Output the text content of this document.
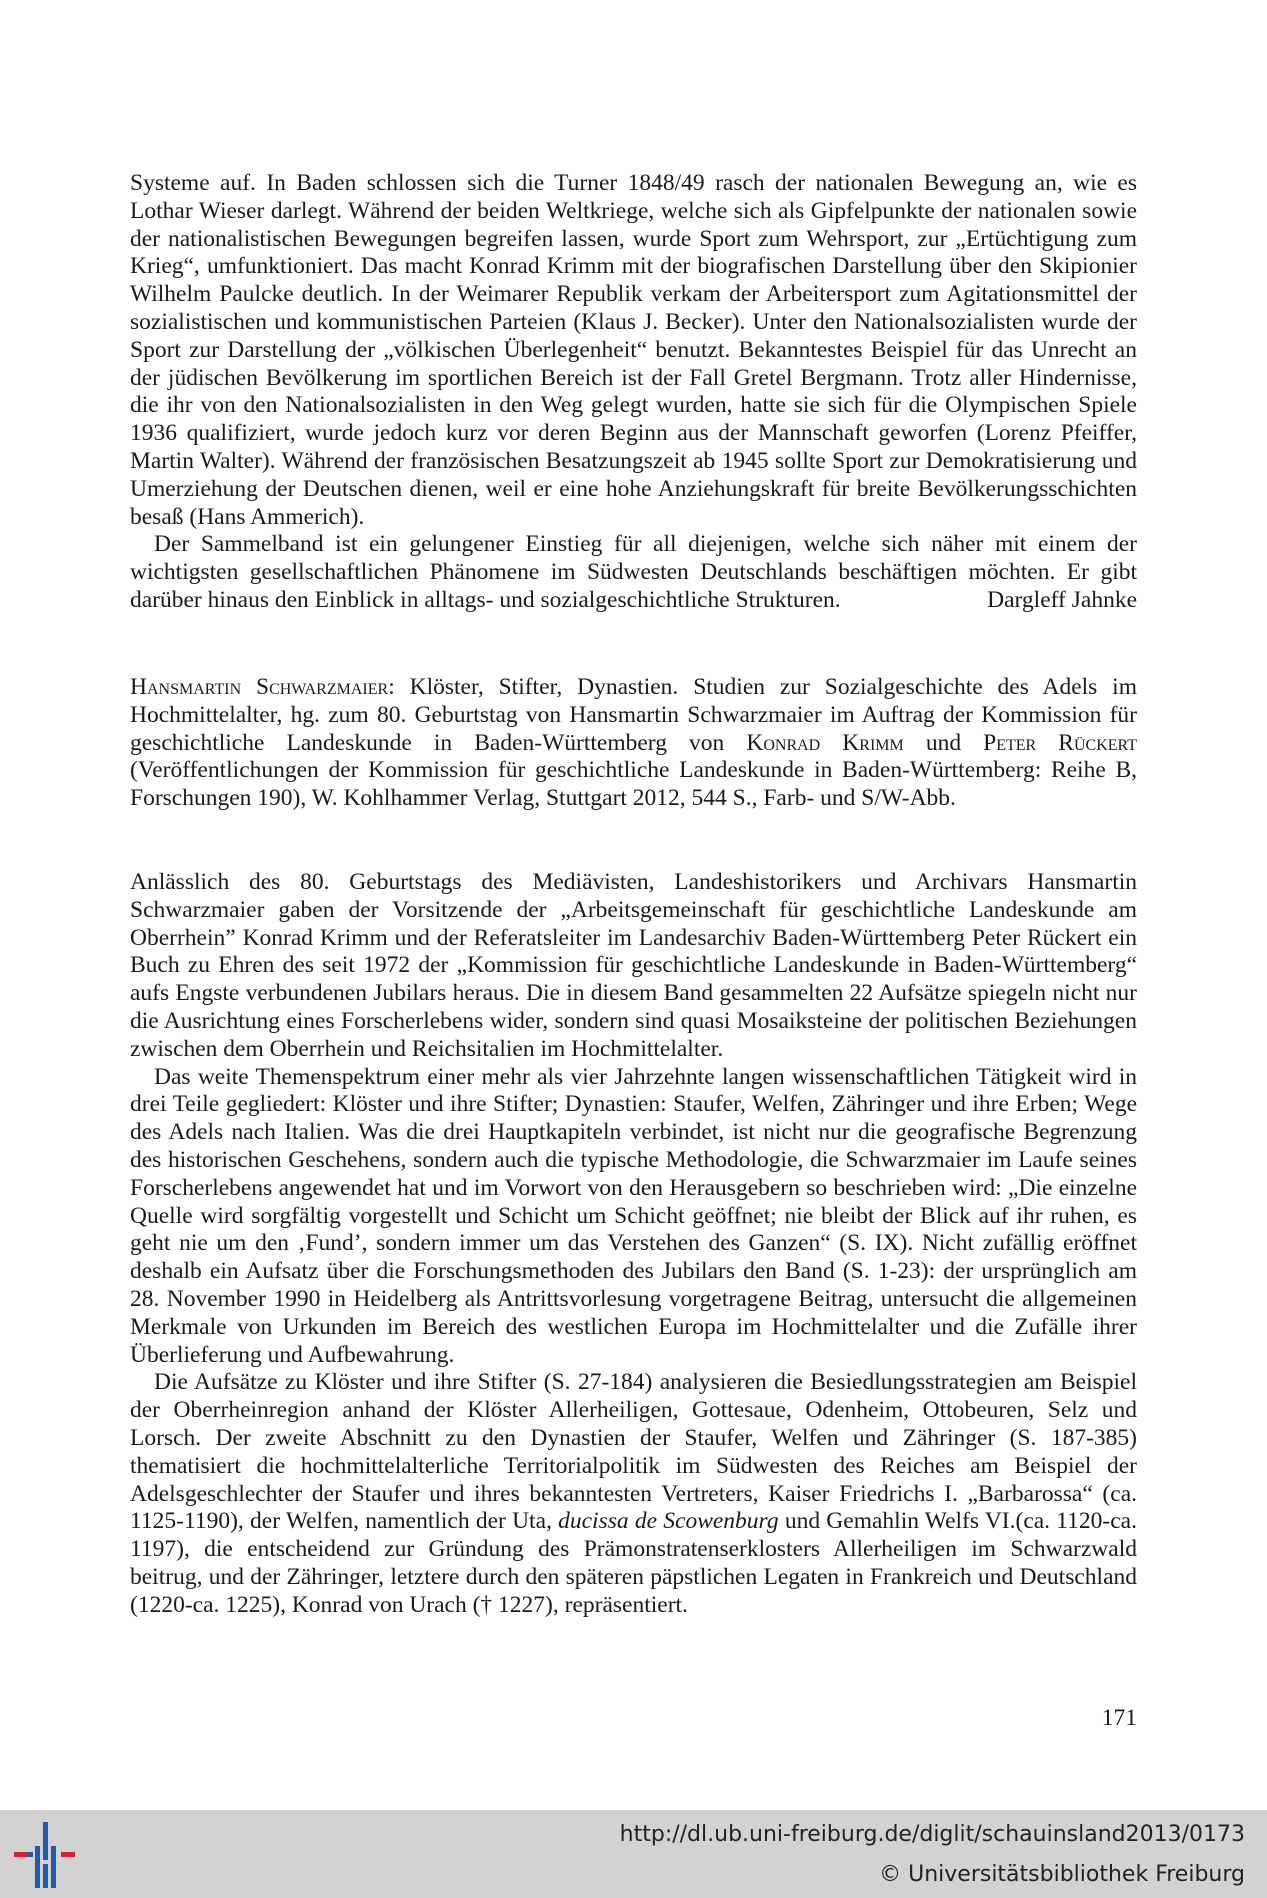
Systeme auf. In Baden schlossen sich die Turner 1848/49 rasch der nationalen Bewegung an, wie es Lothar Wieser darlegt. Während der beiden Weltkriege, welche sich als Gipfelpunkte der nationalen sowie der nationalistischen Bewegungen begreifen lassen, wurde Sport zum Wehrsport, zur „Ertüchtigung zum Krieg“, umfunktioniert. Das macht Konrad Krimm mit der biografischen Darstellung über den Skipionier Wilhelm Paulcke deutlich. In der Weimarer Republik verkam der Arbeitersport zum Agitationsmittel der sozialistischen und kommunistischen Parteien (Klaus J. Becker). Unter den Nationalsozialisten wurde der Sport zur Darstellung der „völkischen Überlegenheit“ benutzt. Bekanntestes Beispiel für das Unrecht an der jüdischen Bevölkerung im sportlichen Bereich ist der Fall Gretel Bergmann. Trotz aller Hindernisse, die ihr von den Nationalsozialisten in den Weg gelegt wurden, hatte sie sich für die Olympischen Spiele 1936 qualifiziert, wurde jedoch kurz vor deren Beginn aus der Mannschaft geworfen (Lorenz Pfeiffer, Martin Walter). Während der französischen Besatzungszeit ab 1945 sollte Sport zur Demokratisierung und Umerziehung der Deutschen dienen, weil er eine hohe Anziehungskraft für breite Bevölkerungsschichten besaß (Hans Ammerich).

Der Sammelband ist ein gelungener Einstieg für all diejenigen, welche sich näher mit einem der wichtigsten gesellschaftlichen Phänomene im Südwesten Deutschlands beschäftigen möchten. Er gibt darüber hinaus den Einblick in alltags- und sozialgeschichtliche Strukturen.	Dargleff Jahnke

Hansmartin Schwarzmaier: Klöster, Stifter, Dynastien. Studien zur Sozialgeschichte des Adels im Hochmittelalter, hg. zum 80. Geburtstag von Hansmartin Schwarzmaier im Auftrag der Kommission für geschichtliche Landeskunde in Baden-Württemberg von Konrad Krimm und Peter Rückert (Veröffentlichungen der Kommission für geschichtliche Landeskunde in Baden-Württemberg: Reihe B, Forschungen 190), W. Kohlhammer Verlag, Stuttgart 2012, 544 S., Farb- und S/W-Abb.

Anlässlich des 80. Geburtstags des Mediävisten, Landeshistorikers und Archivars Hansmartin Schwarzmaier gaben der Vorsitzende der „Arbeitsgemeinschaft für geschichtliche Landeskunde am Oberrhein” Konrad Krimm und der Referatsleiter im Landesarchiv Baden-Württemberg Peter Rückert ein Buch zu Ehren des seit 1972 der „Kommission für geschichtliche Landeskunde in Baden-Württemberg“ aufs Engste verbundenen Jubilars heraus. Die in diesem Band gesammelten 22 Aufsätze spiegeln nicht nur die Ausrichtung eines Forscherlebens wider, sondern sind quasi Mosaiksteine der politischen Beziehungen zwischen dem Oberrhein und Reichsitalien im Hochmittelalter.

Das weite Themenspektrum einer mehr als vier Jahrzehnte langen wissenschaftlichen Tätigkeit wird in drei Teile gegliedert: Klöster und ihre Stifter; Dynastien: Staufer, Welfen, Zähringer und ihre Erben; Wege des Adels nach Italien. Was die drei Hauptkapiteln verbindet, ist nicht nur die geografische Begrenzung des historischen Geschehens, sondern auch die typische Methodologie, die Schwarzmaier im Laufe seines Forscherlebens angewendet hat und im Vorwort von den Herausgebern so beschrieben wird: „Die einzelne Quelle wird sorgfältig vorgestellt und Schicht um Schicht geöffnet; nie bleibt der Blick auf ihr ruhen, es geht nie um den ‚Fund’, sondern immer um das Verstehen des Ganzen“ (S. IX). Nicht zufällig eröffnet deshalb ein Aufsatz über die Forschungsmethoden des Jubilars den Band (S. 1-23): der ursprünglich am 28. November 1990 in Heidelberg als Antrittsvorlesung vorgetragene Beitrag, untersucht die allgemeinen Merkmale von Urkunden im Bereich des westlichen Europa im Hochmittelalter und die Zufälle ihrer Überlieferung und Aufbewahrung.

Die Aufsätze zu Klöster und ihre Stifter (S. 27-184) analysieren die Besiedlungsstrategien am Beispiel der Oberrheinregion anhand der Klöster Allerheiligen, Gottesaue, Odenheim, Ottobeuren, Selz und Lorsch. Der zweite Abschnitt zu den Dynastien der Staufer, Welfen und Zähringer (S. 187-385) thematisiert die hochmittelalterliche Territorialpolitik im Südwesten des Reiches am Beispiel der Adelsgeschlechter der Staufer und ihres bekanntesten Vertreters, Kaiser Friedrichs I. „Barbarossa“ (ca. 1125-1190), der Welfen, namentlich der Uta, ducissa de Scowenburg und Gemahlin Welfs VI.(ca. 1120-ca. 1197), die entscheidend zur Gründung des Prämonstratenserklosters Allerheiligen im Schwarzwald beitrug, und der Zähringer, letztere durch den späteren päpstlichen Legaten in Frankreich und Deutschland (1220-ca. 1225), Konrad von Urach († 1227), repräsentiert.

171
http://dl.ub.uni-freiburg.de/diglit/schauinsland2013/0173
© Universitätsbibliothek Freiburg
